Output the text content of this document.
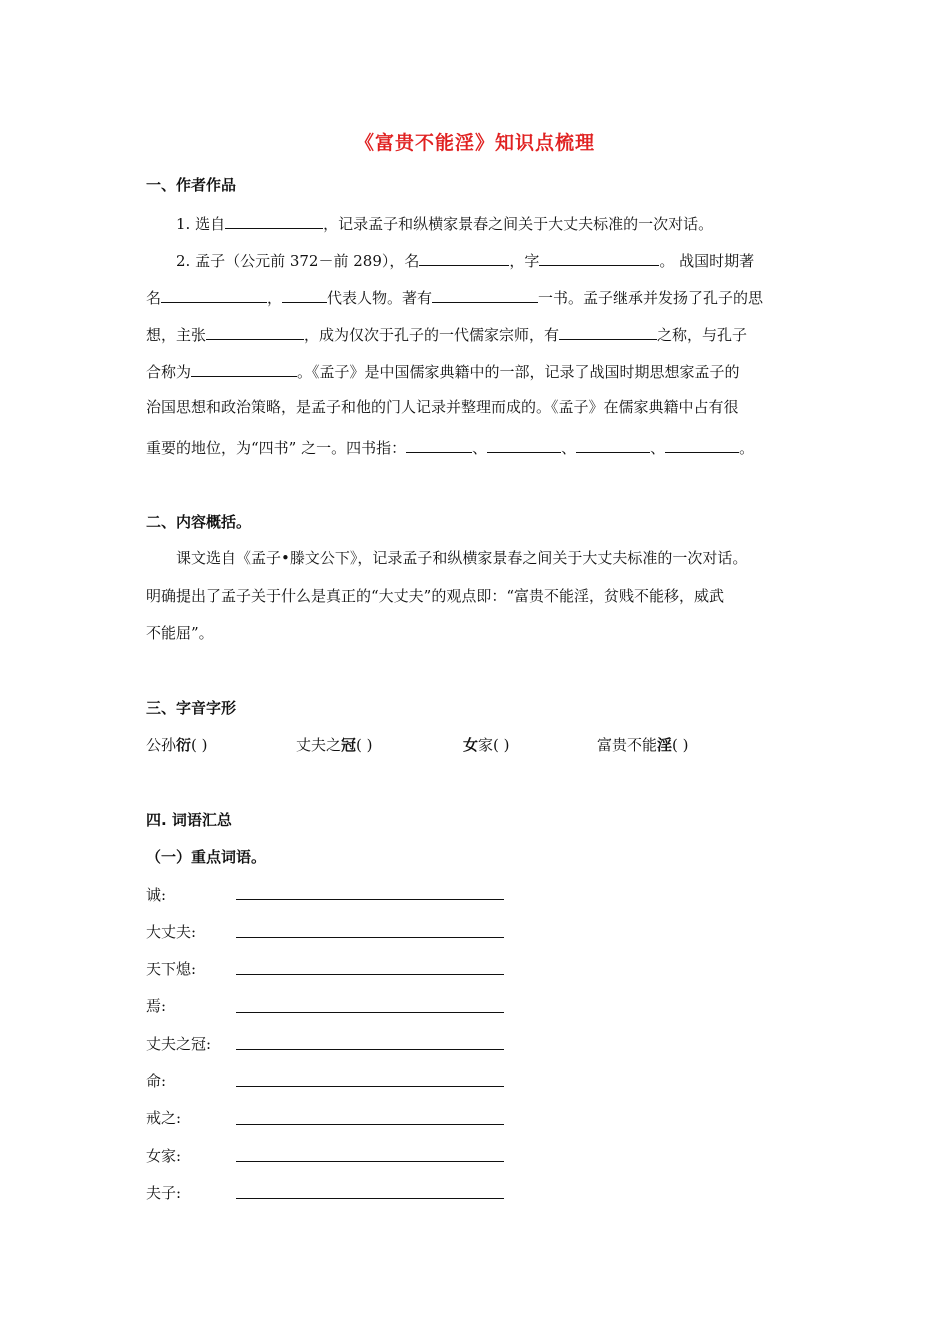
《富贵不能淫》知识点梳理
一、作者作品
1. 选自	，记录孟子和纵横家景春之间关于大丈夫标准的一次对话。
2. 孟子（公元前 372－前 289），名	，字	。 战国时期著
名	，	代表人物。著有	一书。孟子继承并发扬了孔子的思
想，主张	，成为仅次于孔子的一代儒家宗师，有	之称，与孔子
合称为	。《孟子》是中国儒家典籍中的一部，记录了战国时期思想家孟子的
治国思想和政治策略，是孟子和他的门人记录并整理而成的。《孟子》在儒家典籍中占有很
重要的地位，为“四书” 之一。四书指：	、	、	、	。
二、内容概括。
课文选自《孟子•滕文公下》，记录孟子和纵横家景春之间关于大丈夫标准的一次对话。
明确提出了孟子关于什么是真正的“大丈夫”的观点即：“富贵不能淫，贫贱不能移，威武
不能屈”。
三、字音字形
公孙衍( )	丈夫之冠( )	女家( )	富贵不能淫( )
四. 词语汇总
（一）重点词语。
诚:
大丈夫:
天下熄:
焉:
丈夫之冠:
命:
戒之:
女家:
夫子:
